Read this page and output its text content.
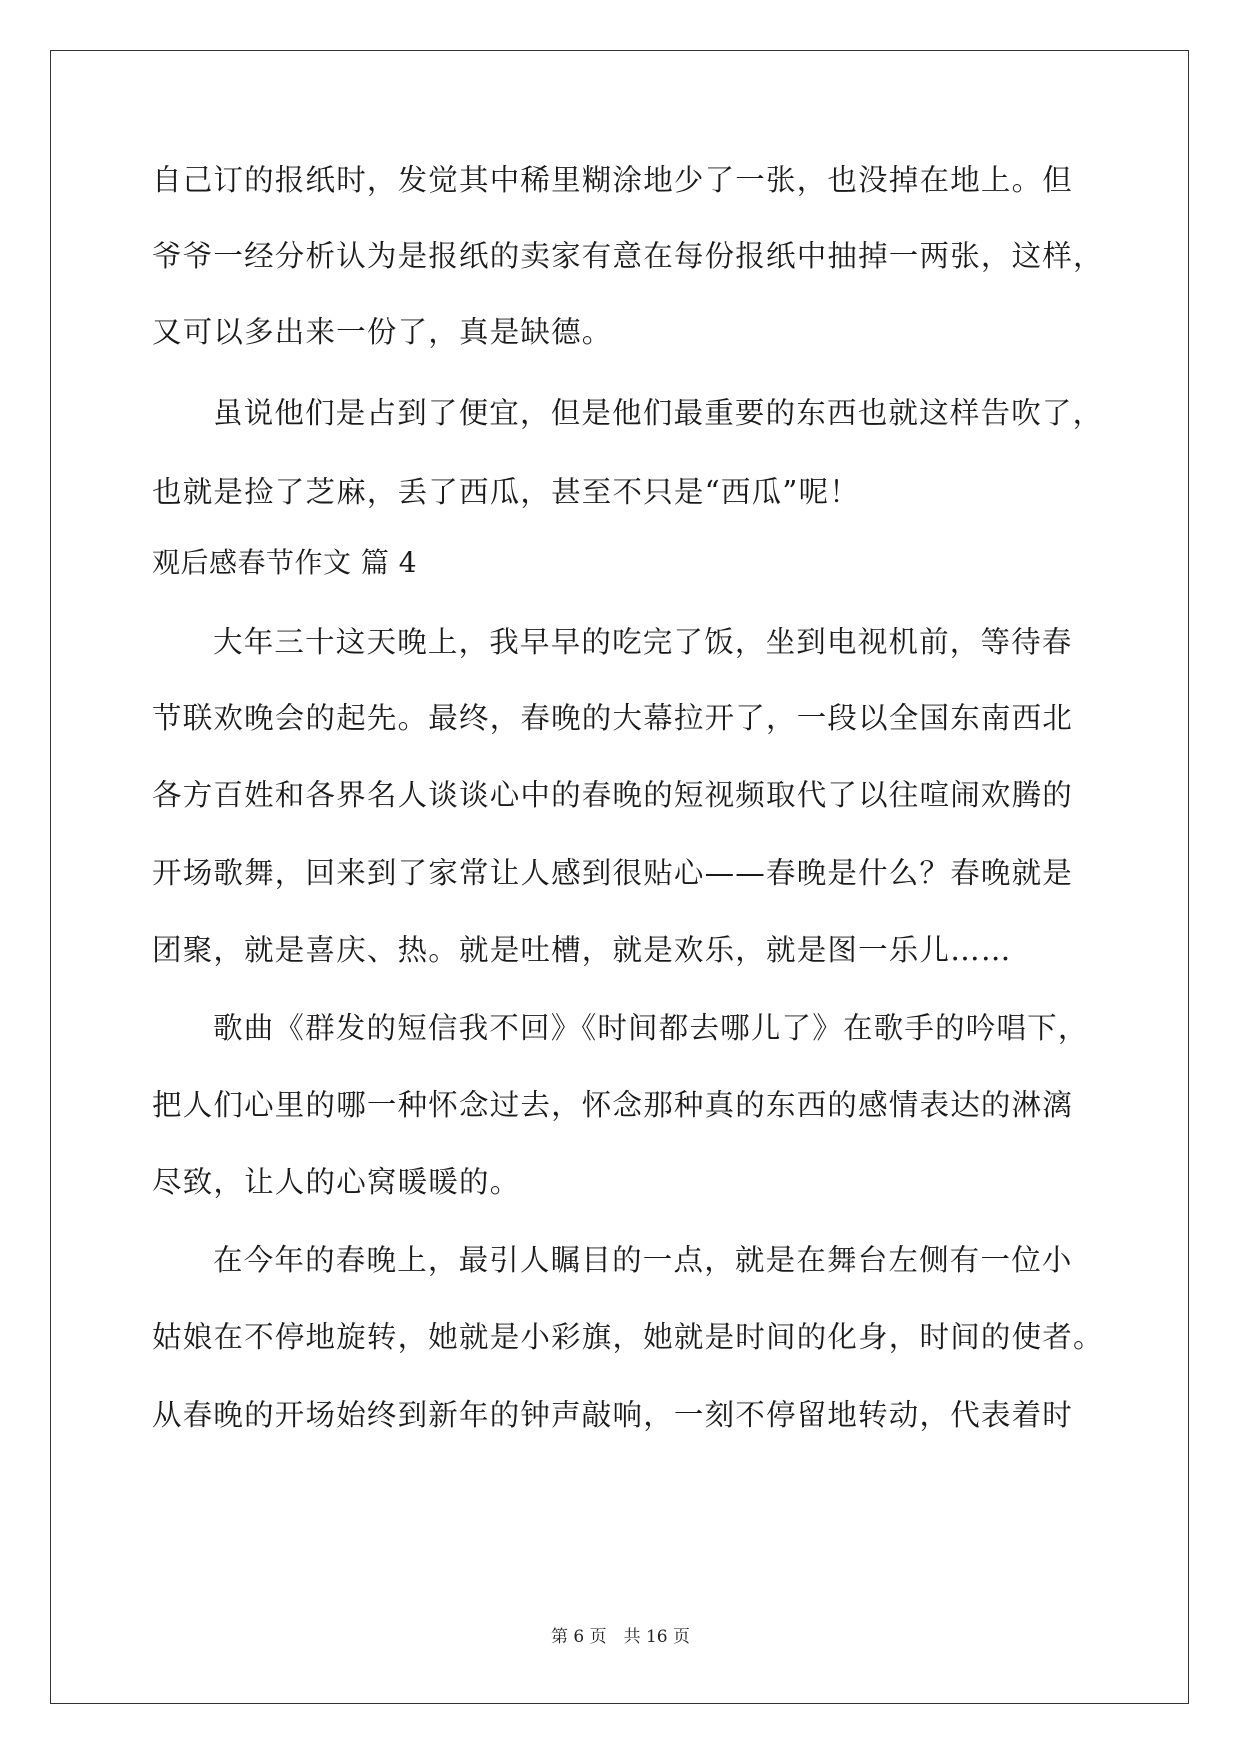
自己订的报纸时，发觉其中稀里糊涂地少了一张，也没掉在地上。但
爷爷一经分析认为是报纸的卖家有意在每份报纸中抽掉一两张，这样，
又可以多出来一份了，真是缺德。
虽说他们是占到了便宜，但是他们最重要的东西也就这样告吹了，
也就是捡了芝麻，丢了西瓜，甚至不只是“西瓜”呢！
观后感春节作文 篇 4
大年三十这天晚上，我早早的吃完了饭，坐到电视机前，等待春
节联欢晚会的起先。最终，春晚的大幕拉开了，一段以全国东南西北
各方百姓和各界名人谈谈心中的春晚的短视频取代了以往喧闹欢腾的
开场歌舞，回来到了家常让人感到很贴心——春晚是什么？春晚就是
团聚，就是喜庆、热。就是吐槽，就是欢乐，就是图一乐儿……
歌曲《群发的短信我不回》《时间都去哪儿了》在歌手的吟唱下，
把人们心里的哪一种怀念过去，怀念那种真的东西的感情表达的淋漓
尽致，让人的心窝暖暖的。
在今年的春晚上，最引人瞩目的一点，就是在舞台左侧有一位小
姑娘在不停地旋转，她就是小彩旗，她就是时间的化身，时间的使者。
从春晚的开场始终到新年的钟声敲响，一刻不停留地转动，代表着时
第 6 页　共 16 页
